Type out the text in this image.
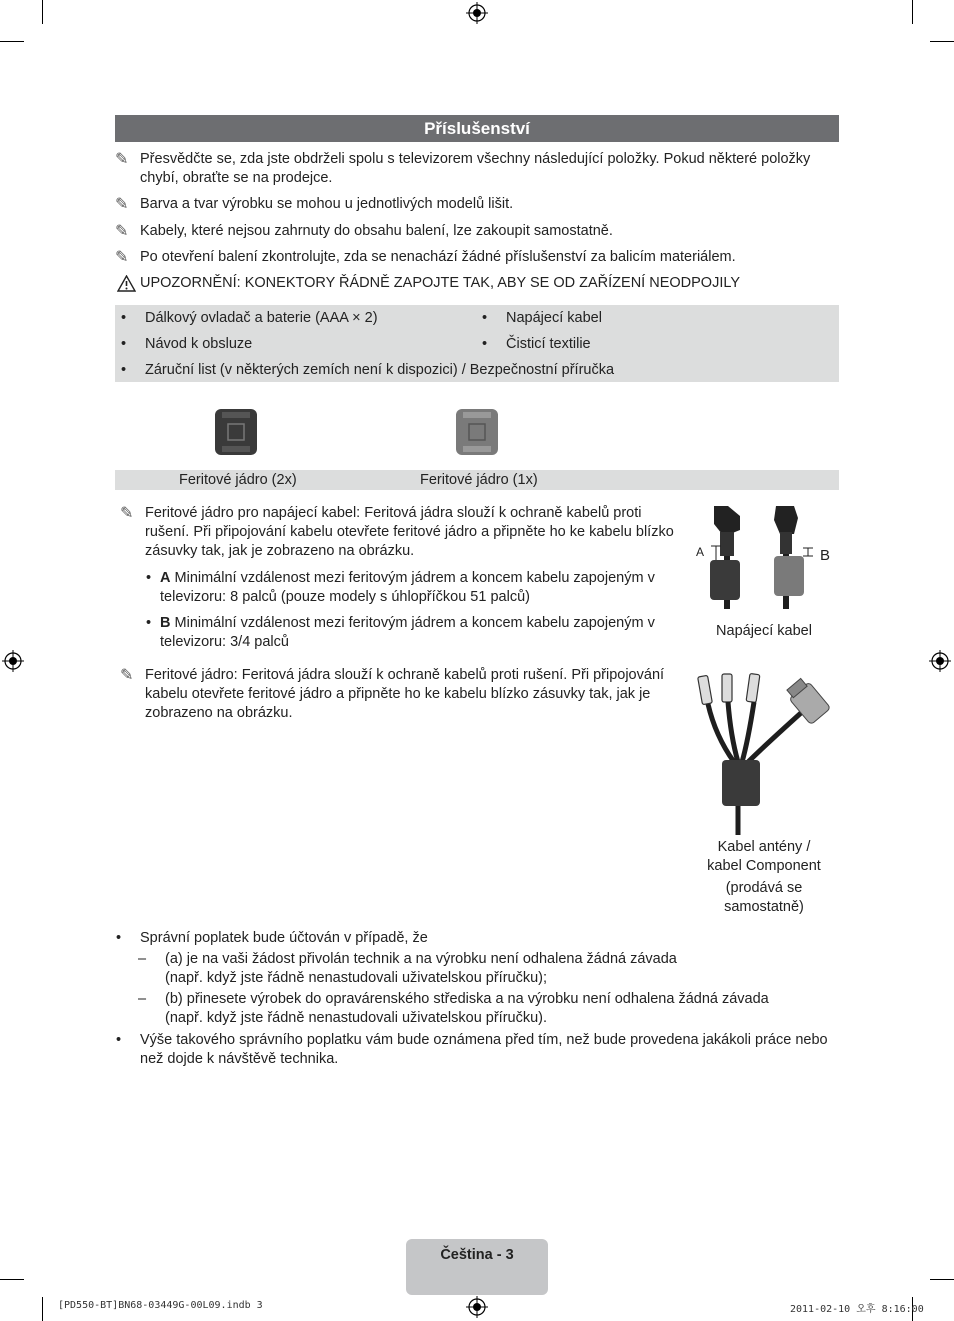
Příslušenství
✎ Přesvědčte se, zda jste obdrželi spolu s televizorem všechny následující položky. Pokud některé položky chybí, obraťte se na prodejce.
✎ Barva a tvar výrobku se mohou u jednotlivých modelů lišit.
✎ Kabely, které nejsou zahrnuty do obsahu balení, lze zakoupit samostatně.
✎ Po otevření balení zkontrolujte, zda se nenachází žádné příslušenství za balicím materiálem.
UPOZORNĚNÍ: KONEKTORY ŘÁDNĚ ZAPOJTE TAK, ABY SE OD ZAŘÍZENÍ NEODPOJILY
• Dálkový ovladač a baterie (AAA × 2)	• Napájecí kabel
• Návod k obsluze	• Čisticí textilie
• Záruční list (v některých zemích není k dispozici) / Bezpečnostní příručka
Feritové jádro (2x)	Feritové jádro (1x)
✎ Feritové jádro pro napájecí kabel: Feritová jádra slouží k ochraně kabelů proti rušení. Při připojování kabelu otevřete feritové jádro a připněte ho ke kabelu blízko zásuvky tak, jak je zobrazeno na obrázku.
• A Minimální vzdálenost mezi feritovým jádrem a koncem kabelu zapojeným v televizoru: 8 palců (pouze modely s úhlopříčkou 51 palců)
• B Minimální vzdálenost mezi feritovým jádrem a koncem kabelu zapojeným v televizoru: 3/4 palců
A	B
Napájecí kabel
✎ Feritové jádro: Feritová jádra slouží k ochraně kabelů proti rušení. Při připojování kabelu otevřete feritové jádro a připněte ho ke kabelu blízko zásuvky tak, jak je zobrazeno na obrázku.
Kabel antény /
kabel Component
(prodává se
samostatně)
• Správní poplatek bude účtován v případě, že
– (a) je na vaši žádost přivolán technik a na výrobku není odhalena žádná závada
(např. když jste řádně nenastudovali uživatelskou příručku);
– (b) přinesete výrobek do opravárenského střediska a na výrobku není odhalena žádná závada
(např. když jste řádně nenastudovali uživatelskou příručku).
• Výše takového správního poplatku vám bude oznámena před tím, než bude provedena jakákoli práce nebo než dojde k návštěvě technika.
Čeština - 3
[PD550-BT]BN68-03449G-00L09.indb 3	2011-02-10 오후 8:16:00
